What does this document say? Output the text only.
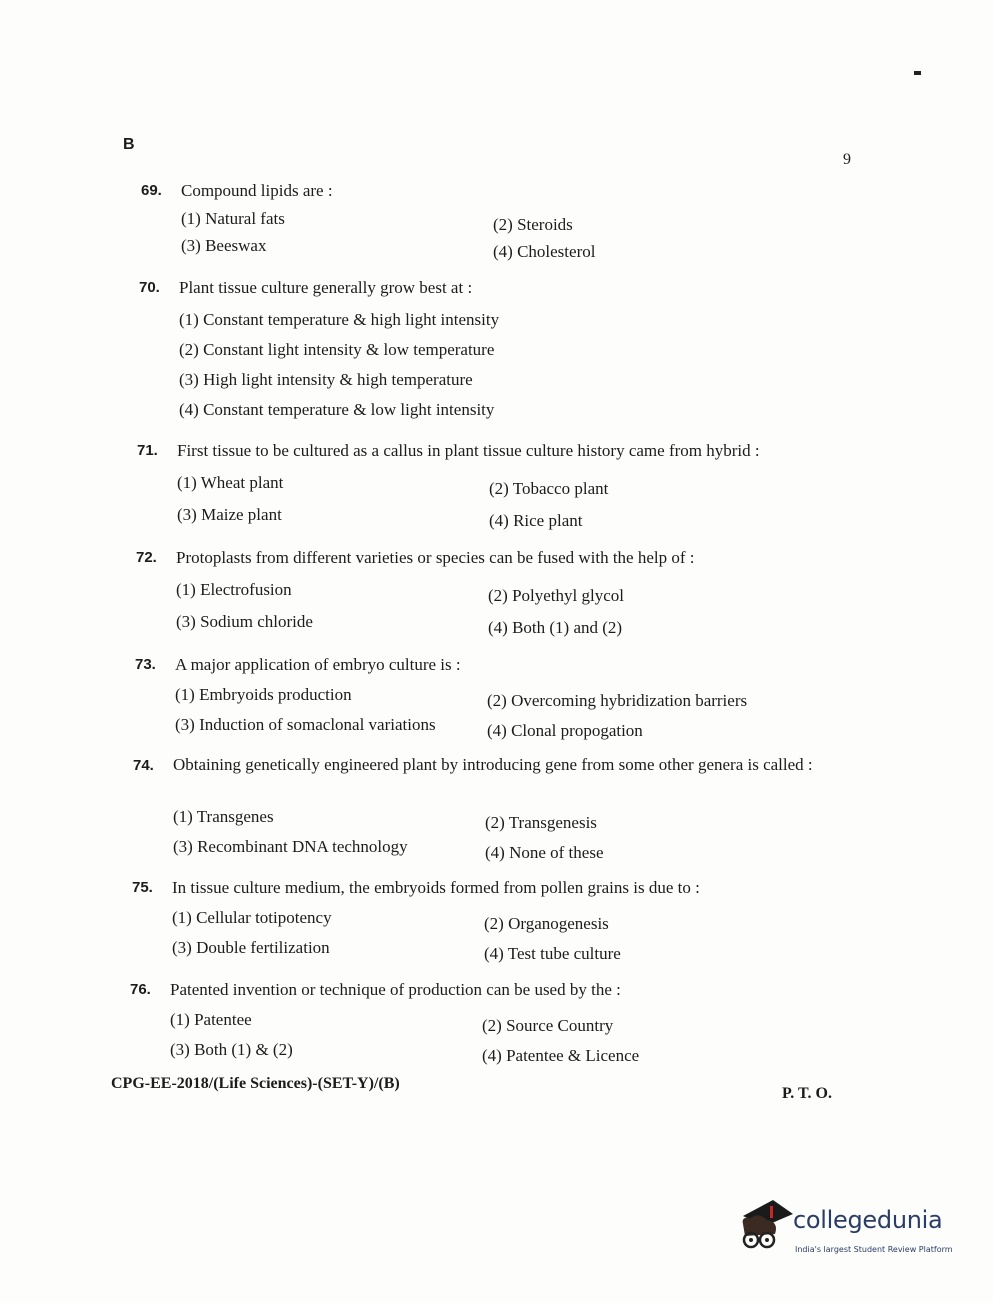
B
9
69. Compound lipids are :
(1) Natural fats	(2) Steroids
(3) Beeswax	(4) Cholesterol
70. Plant tissue culture generally grow best at :
(1) Constant temperature & high light intensity
(2) Constant light intensity & low temperature
(3) High light intensity & high temperature
(4) Constant temperature & low light intensity
71. First tissue to be cultured as a callus in plant tissue culture history came from hybrid :
(1) Wheat plant	(2) Tobacco plant
(3) Maize plant	(4) Rice plant
72. Protoplasts from different varieties or species can be fused with the help of :
(1) Electrofusion	(2) Polyethyl glycol
(3) Sodium chloride	(4) Both (1) and (2)
73. A major application of embryo culture is :
(1) Embryoids production	(2) Overcoming hybridization barriers
(3) Induction of somaclonal variations	(4) Clonal propogation
74. Obtaining genetically engineered plant by introducing gene from some other genera is called :
(1) Transgenes	(2) Transgenesis
(3) Recombinant DNA technology	(4) None of these
75. In tissue culture medium, the embryoids formed from pollen grains is due to :
(1) Cellular totipotency	(2) Organogenesis
(3) Double fertilization	(4) Test tube culture
76. Patented invention or technique of production can be used by the :
(1) Patentee	(2) Source Country
(3) Both (1) & (2)	(4) Patentee & Licence
CPG-EE-2018/(Life Sciences)-(SET-Y)/(B)
P. T. O.
collegedunia
India's largest Student Review Platform
